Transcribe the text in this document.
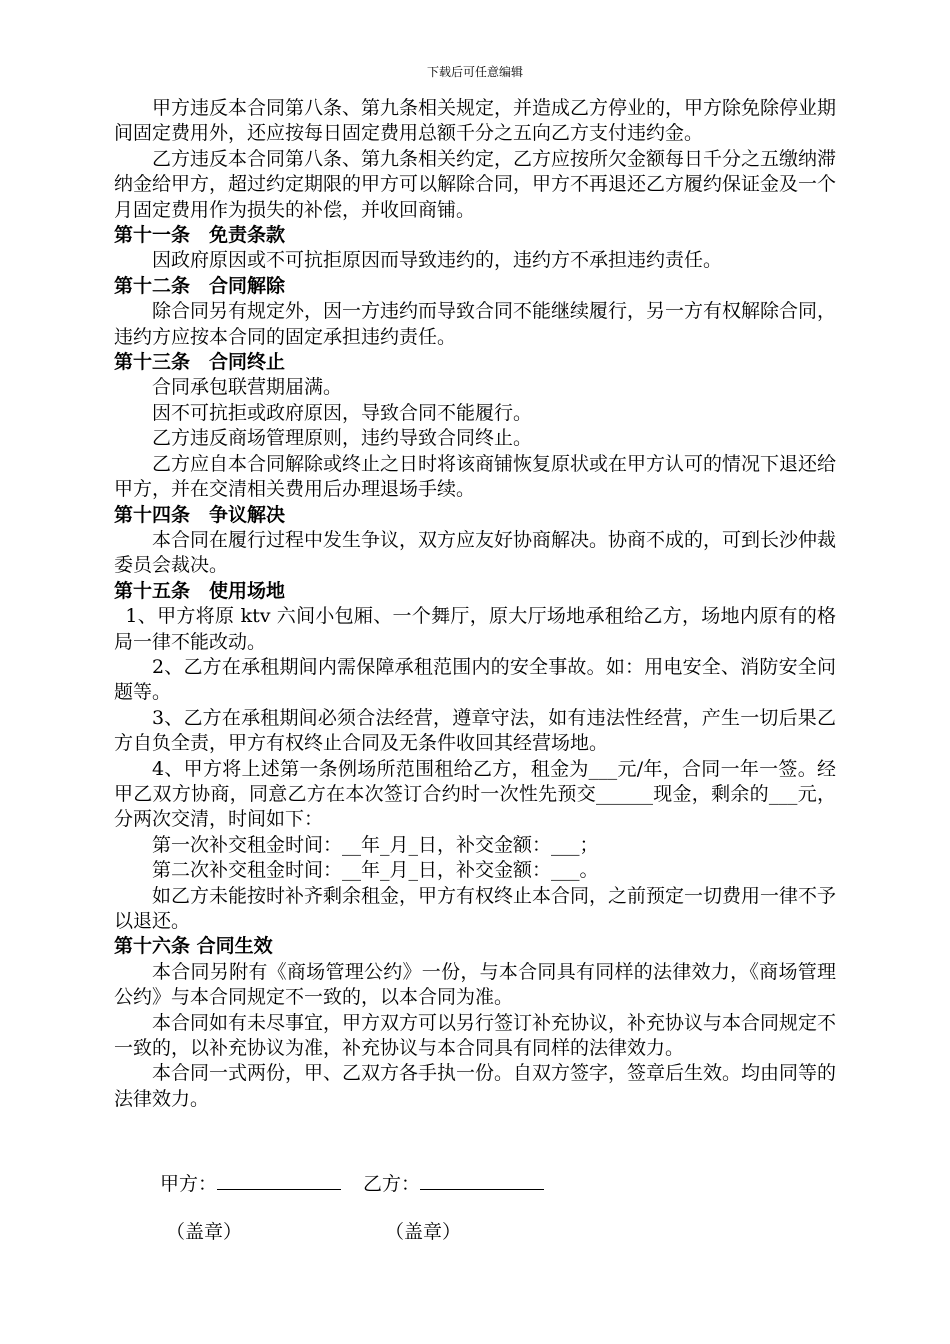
下载后可任意编辑
甲方违反本合同第八条、第九条相关规定，并造成乙方停业的，甲方除免除停业期间固定费用外，还应按每日固定费用总额千分之五向乙方支付违约金。
乙方违反本合同第八条、第九条相关约定，乙方应按所欠金额每日千分之五缴纳滞纳金给甲方，超过约定期限的甲方可以解除合同，甲方不再退还乙方履约保证金及一个月固定费用作为损失的补偿，并收回商铺。
第十一条　免责条款
因政府原因或不可抗拒原因而导致违约的，违约方不承担违约责任。
第十二条　合同解除
除合同另有规定外，因一方违约而导致合同不能继续履行，另一方有权解除合同，违约方应按本合同的固定承担违约责任。
第十三条　合同终止
合同承包联营期届满。
因不可抗拒或政府原因，导致合同不能履行。
乙方违反商场管理原则，违约导致合同终止。
乙方应自本合同解除或终止之日时将该商铺恢复原状或在甲方认可的情况下退还给甲方，并在交清相关费用后办理退场手续。
第十四条　争议解决
本合同在履行过程中发生争议，双方应友好协商解决。协商不成的，可到长沙仲裁委员会裁决。
第十五条　使用场地
1、甲方将原 ktv 六间小包厢、一个舞厅，原大厅场地承租给乙方，场地内原有的格局一律不能改动。
2、乙方在承租期间内需保障承租范围内的安全事故。如：用电安全、消防安全问题等。
3、乙方在承租期间必须合法经营，遵章守法，如有违法性经营，产生一切后果乙方自负全责，甲方有权终止合同及无条件收回其经营场地。
4、甲方将上述第一条例场所范围租给乙方，租金为___元/年，合同一年一签。经甲乙双方协商，同意乙方在本次签订合约时一次性先预交______现金，剩余的___元，分两次交清，时间如下：
第一次补交租金时间：__年_月_日，补交金额：___；
第二次补交租金时间：__年_月_日，补交金额：___。
如乙方未能按时补齐剩余租金，甲方有权终止本合同，之前预定一切费用一律不予以退还。
第十六条 合同生效
本合同另附有《商场管理公约》一份，与本合同具有同样的法律效力，《商场管理公约》与本合同规定不一致的，以本合同为准。
本合同如有未尽事宜，甲方双方可以另行签订补充协议，补充协议与本合同规定不一致的，以补充协议为准，补充协议与本合同具有同样的法律效力。
本合同一式两份，甲、乙双方各手执一份。自双方签字，签章后生效。均由同等的法律效力。
甲方：	乙方：
（盖章）	（盖章）
